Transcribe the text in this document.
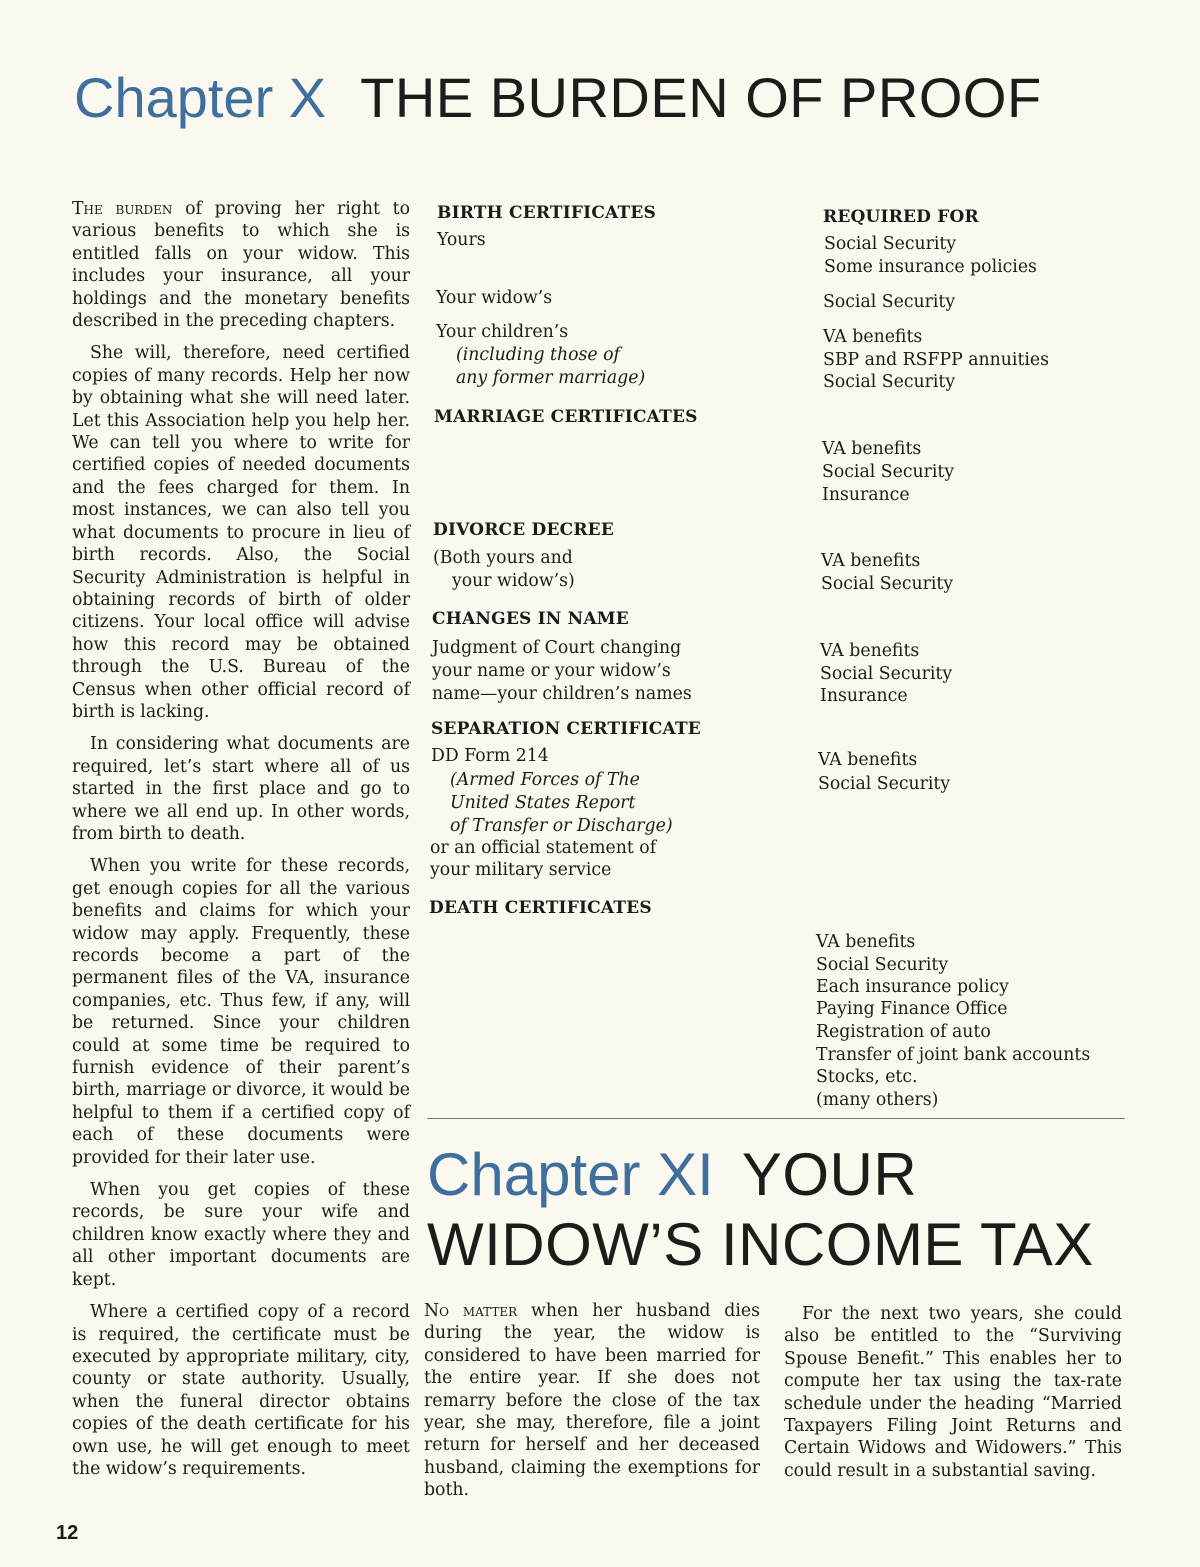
Chapter X THE BURDEN OF PROOF

The burden of proving her right to various benefits to which she is entitled falls on your widow. This includes your insurance, all your holdings and the monetary benefits described in the preceding chapters.

She will, therefore, need certified copies of many records. Help her now by obtaining what she will need later. Let this Association help you help her. We can tell you where to write for certified copies of needed documents and the fees charged for them. In most instances, we can also tell you what documents to procure in lieu of birth records. Also, the Social Security Administration is helpful in obtaining records of birth of older citizens. Your local office will advise how this record may be obtained through the U.S. Bureau of the Census when other official record of birth is lacking.

In considering what documents are required, let’s start where all of us started in the first place and go to where we all end up. In other words, from birth to death.

When you write for these records, get enough copies for all the various benefits and claims for which your widow may apply. Frequently, these records become a part of the permanent files of the VA, insurance companies, etc. Thus few, if any, will be returned. Since your children could at some time be required to furnish evidence of their parent’s birth, marriage or divorce, it would be helpful to them if a certified copy of each of these documents were provided for their later use.

When you get copies of these records, be sure your wife and children know exactly where they and all other important documents are kept.

Where a certified copy of a record is required, the certificate must be executed by appropriate military, city, county or state authority. Usually, when the funeral director obtains copies of the death certificate for his own use, he will get enough to meet the widow’s requirements.

REQUIRED FOR
BIRTH CERTIFICATES
Yours	Social Security
Some insurance policies
Your widow’s	Social Security
Your children’s
(including those of
any former marriage)
VA benefits
SBP and RSFPP annuities
Social Security
MARRIAGE CERTIFICATES
VA benefits
Social Security
Insurance
DIVORCE DECREE
(Both yours and
your widow’s)
VA benefits
Social Security
CHANGES IN NAME
Judgment of Court changing
your name or your widow’s
name—your children’s names
VA benefits
Social Security
Insurance
SEPARATION CERTIFICATE
DD Form 214
(Armed Forces of The
United States Report
of Transfer or Discharge)
or an official statement of
your military service
VA benefits
Social Security
DEATH CERTIFICATES
VA benefits
Social Security
Each insurance policy
Paying Finance Office
Registration of auto
Transfer of joint bank accounts
Stocks, etc.
(many others)
Chapter XI YOUR WIDOW’S INCOME TAX

No matter when her husband dies during the year, the widow is considered to have been married for the entire year. If she does not remarry before the close of the tax year, she may, therefore, file a joint return for herself and her deceased husband, claiming the exemptions for both.

For the next two years, she could also be entitled to the “Surviving Spouse Benefit.” This enables her to compute her tax using the tax-rate schedule under the heading “Married Taxpayers Filing Joint Returns and Certain Widows and Widowers.” This could result in a substantial saving.

12
